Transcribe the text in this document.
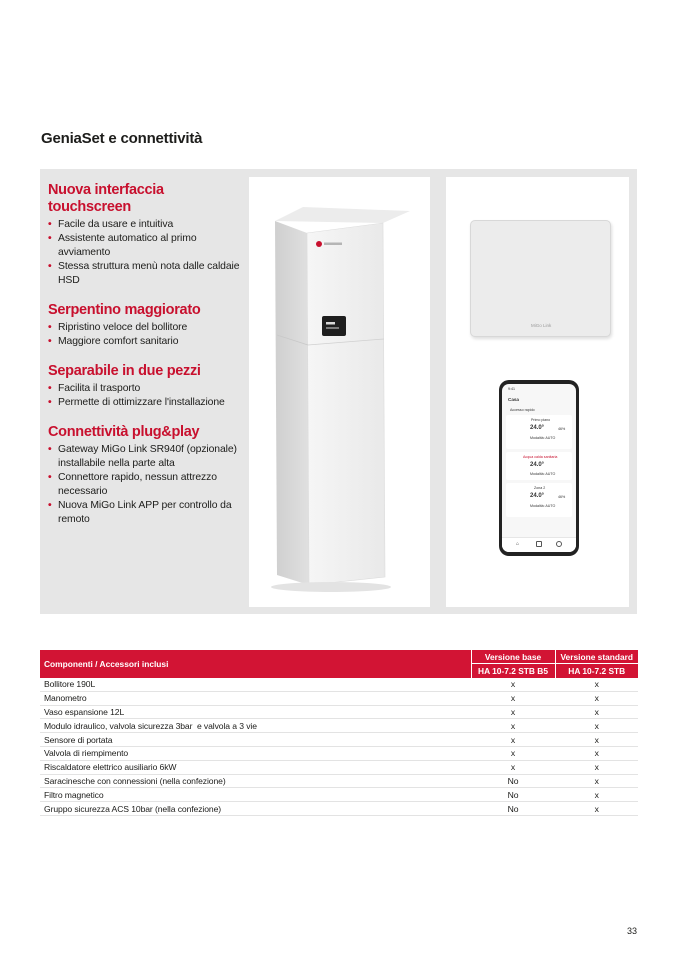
GeniaSet e connettività
Nuova interfaccia touchscreen
• Facile da usare e intuitiva
• Assistente automatico al primo avviamento
• Stessa struttura menù nota dalle caldaie HSD
Serpentino maggiorato
• Ripristino veloce del bollitore
• Maggiore comfort sanitario
Separabile in due pezzi
• Facilita il trasporto
• Permette di ottimizzare l'installazione
Connettività plug&play
• Gateway MiGo Link SR940f (opzionale) installabile nella parte alta
• Connettore rapido, nessun attrezzo necessario
• Nuova MiGo Link APP per controllo da remoto
MiGo Link
9:41
Casa
Accesso rapido
Primo piano
24.0°	46%
Modalità: AUTO
Acqua calda sanitaria
24.0°
Modalità: AUTO
Zona 2
24.0°	46%
Modalità: AUTO
⌂
Componenti / Accessori inclusi	Versione base	Versione standard
	HA 10-7.2 STB B5	HA 10-7.2 STB
Bollitore 190L	x	x
Manometro	x	x
Vaso espansione 12L	x	x
Modulo idraulico, valvola sicurezza 3bar  e valvola a 3 vie	x	x
Sensore di portata	x	x
Valvola di riempimento	x	x
Riscaldatore elettrico ausiliario 6kW	x	x
Saracinesche con connessioni (nella confezione)	No	x
Filtro magnetico	No	x
Gruppo sicurezza ACS 10bar (nella confezione)	No	x
33
